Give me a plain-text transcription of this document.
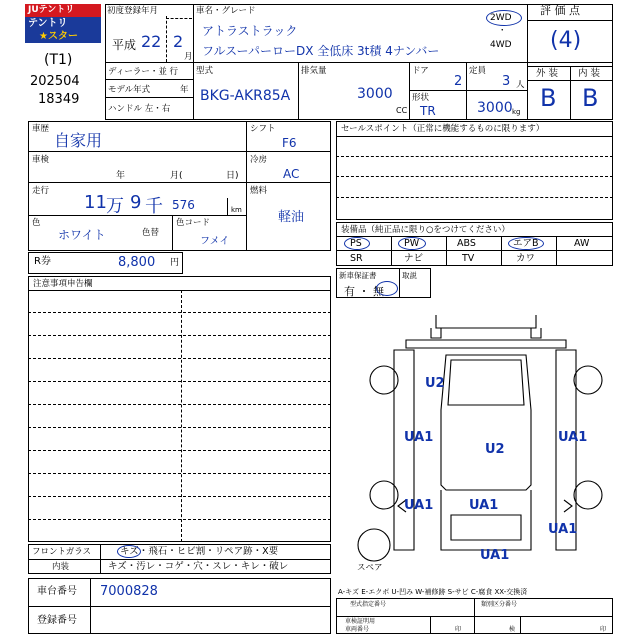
JUテントリ
テントリ
★スター
(T1)
202504
18349
初度登録年月
平成 22 2
月
車名・グレード
アトラストラック
フルスーパーローDX 全低床 3t積 4ナンバー
2WD
・
4WD
評 価 点
(4)
ディーラー・並 行
モデル年式	年
ハンドル 左・右
型式
BKG-AKR85A
排気量
3000
CC
ドア
2
定員
3 人
形状
TR	3000 kg
外 装 内 装
B B
車歴
自家用
車検
年	月(	日)
走行
11 万 9 千 576	km
色
ホワイト	色替
色コード
フメイ
シフト
F6
冷房
AC
燃料
軽油
R券	8,800 円
注意事項申告欄
セールスポイント（正常に機能するものに限ります）
装備品（純正品に限り○をつけてください）
PS	PW	ABS	エアB	AW
SR	ナビ	TV	カワ
新車保証書	取説
有 ・ 無
U2
UA1
U2
UA1
UA1	UA1
UA1
UA1
スペア
フロントガラス	キズ・飛石・ヒビ割・リペア跡・X要
内装	キズ・汚レ・コゲ・穴・スレ・キレ・破レ
車台番号 7000828
登録番号
A-キズ E-エクボ U-凹み W-補修跡 S-サビ C-腐食 XX-交換済
型式指定番号	類別区分番号
車検証明用
車両番号	印	検	印
